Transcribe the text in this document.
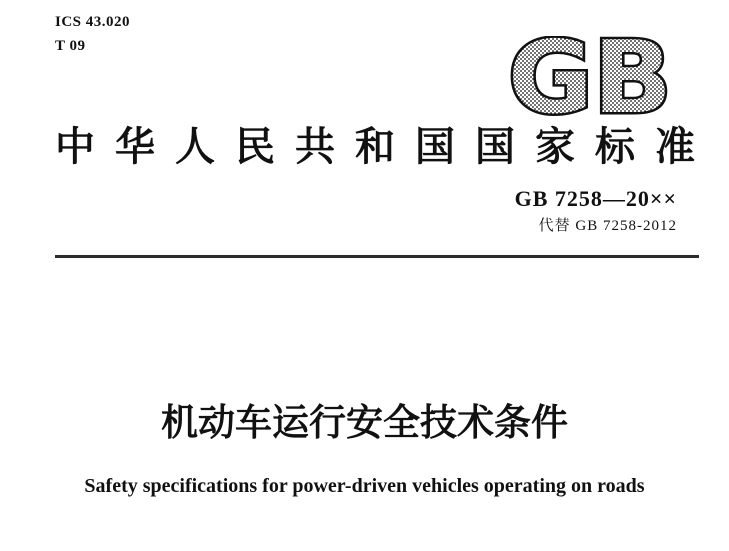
ICS 43.020
T 09	GB
中华人民共和国国家标准
GB 7258—20××
代替 GB 7258-2012
机动车运行安全技术条件
Safety specifications for power-driven vehicles operating on roads
